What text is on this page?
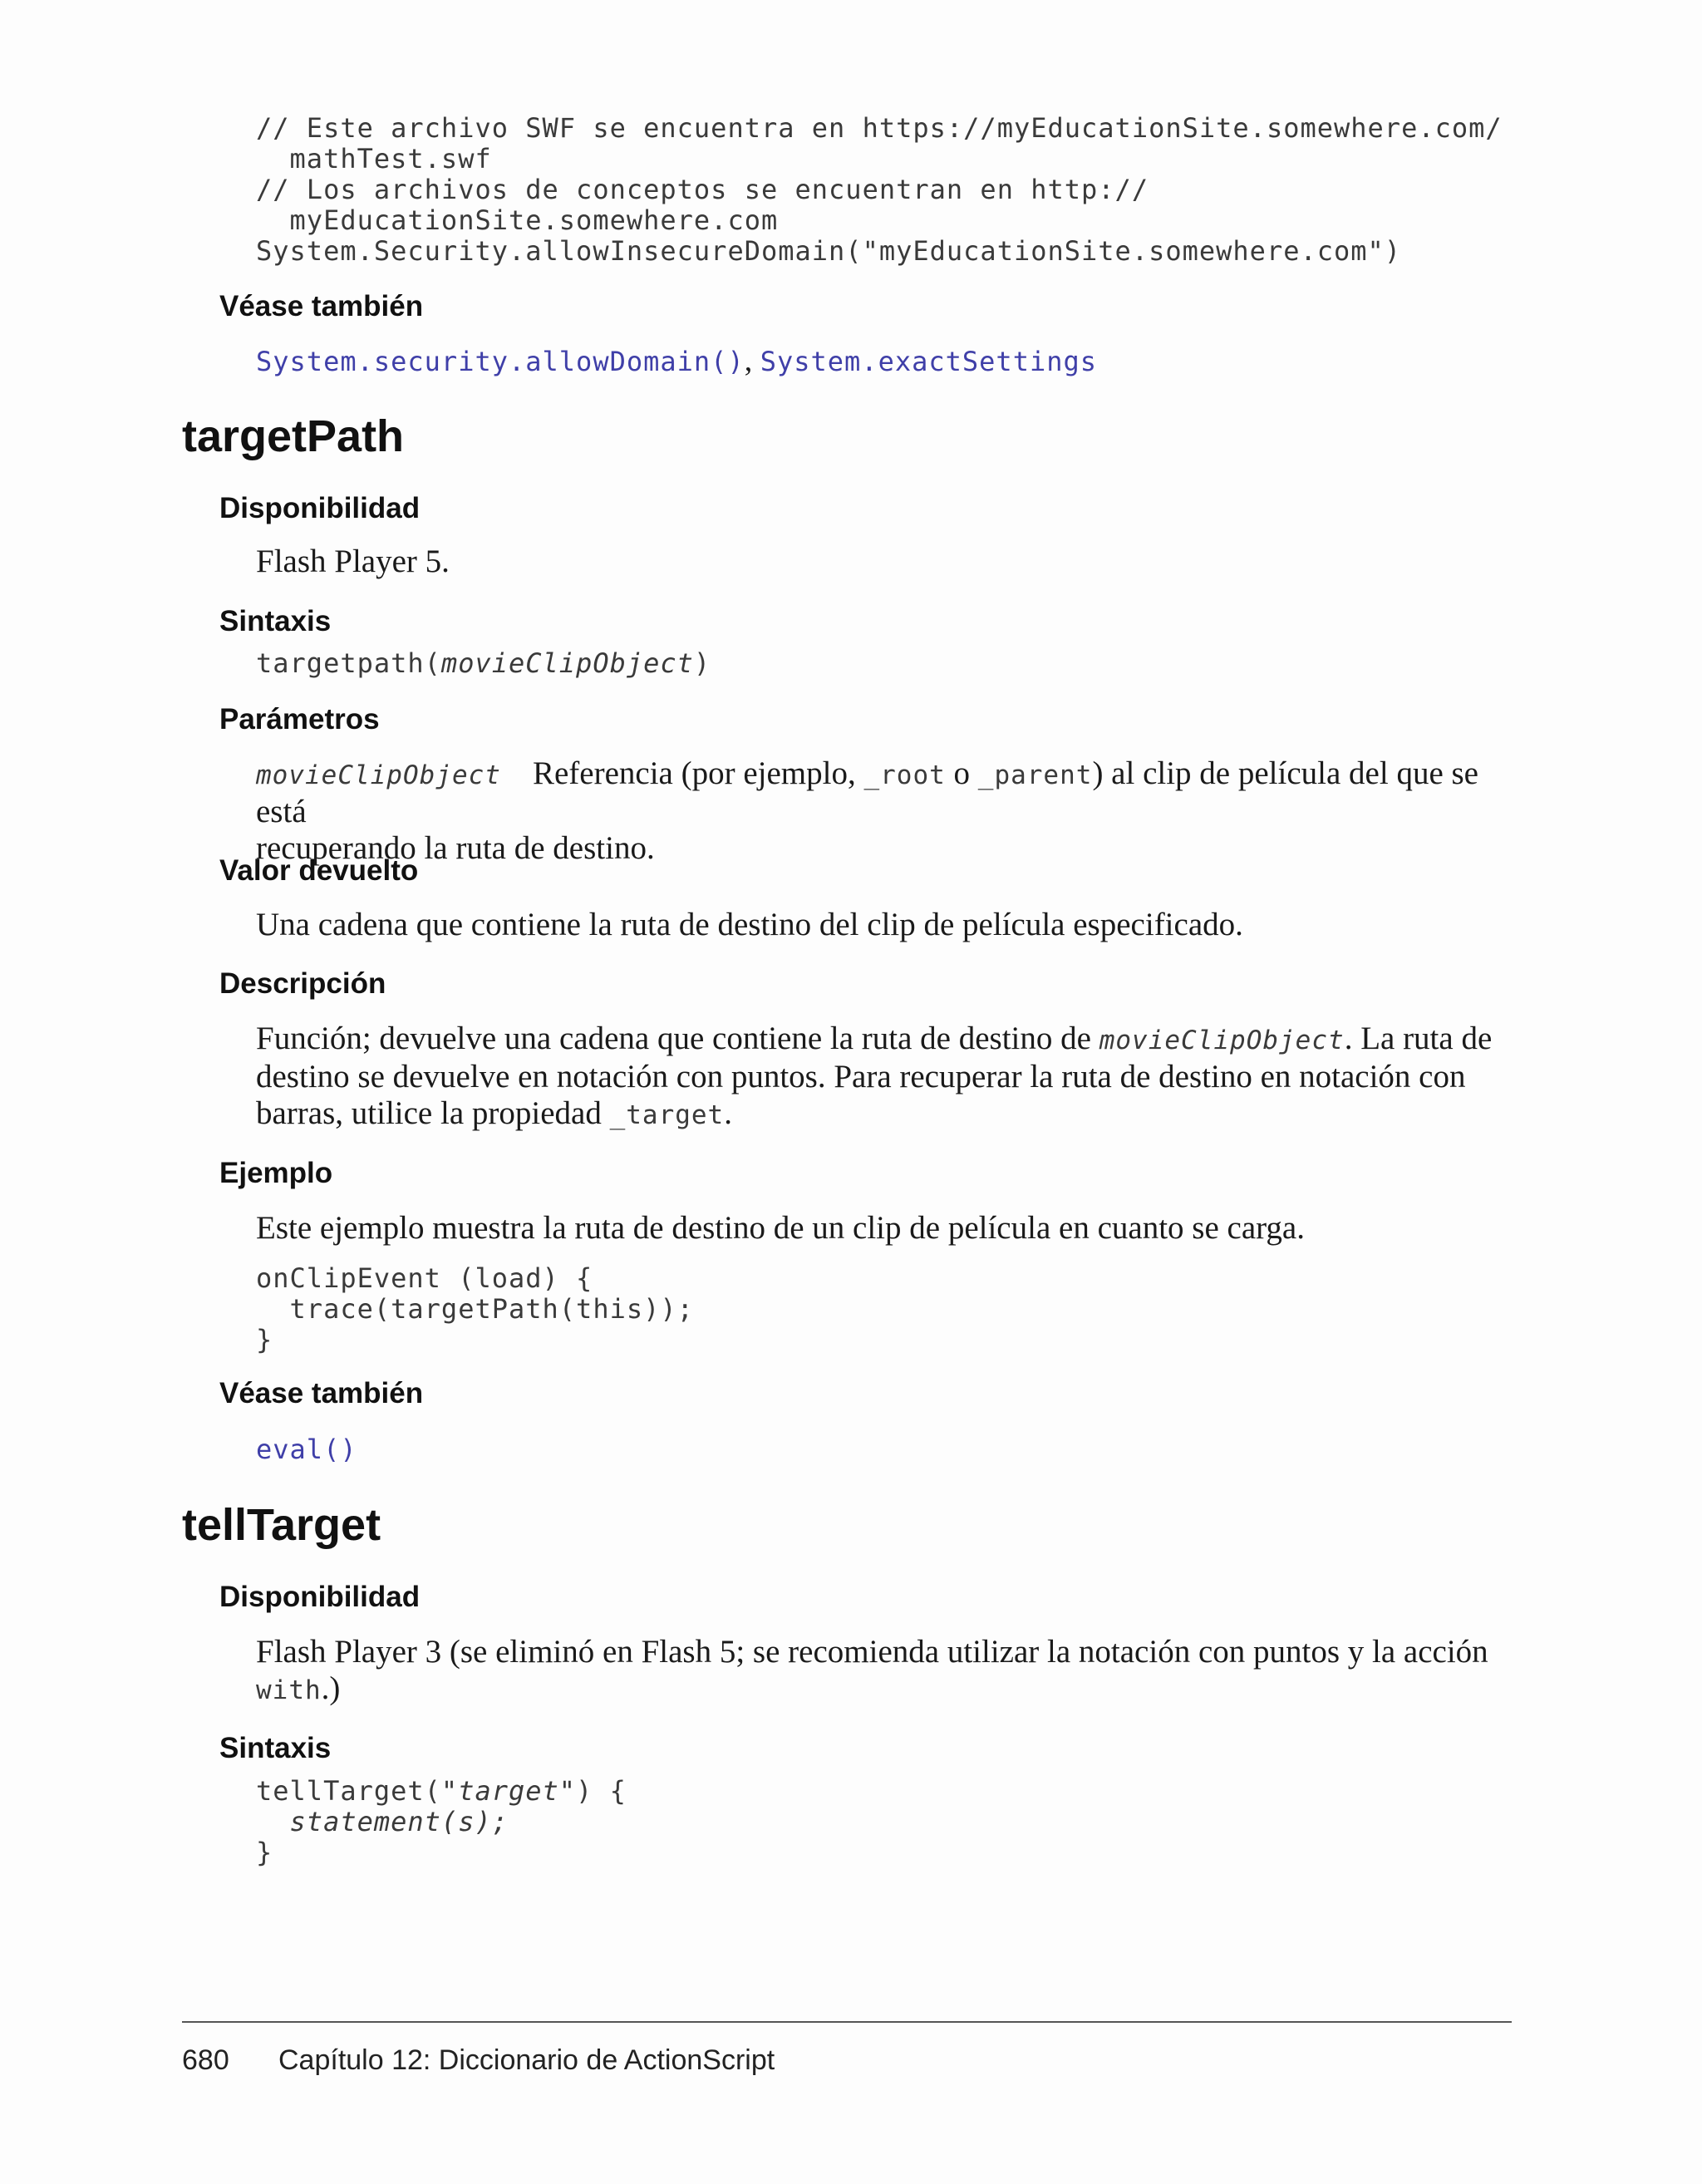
// Este archivo SWF se encuentra en https://myEducationSite.somewhere.com/
mathTest.swf
// Los archivos de conceptos se encuentran en http://
myEducationSite.somewhere.com
System.Security.allowInsecureDomain("myEducationSite.somewhere.com")
Véase también
System.security.allowDomain(), System.exactSettings
targetPath
Disponibilidad
Flash Player 5.
Sintaxis
targetpath(movieClipObject)
Parámetros
movieClipObject Referencia (por ejemplo, _root o _parent) al clip de película del que se está
recuperando la ruta de destino.
Valor devuelto
Una cadena que contiene la ruta de destino del clip de película especificado.
Descripción
Función; devuelve una cadena que contiene la ruta de destino de movieClipObject. La ruta de
destino se devuelve en notación con puntos. Para recuperar la ruta de destino en notación con
barras, utilice la propiedad _target.
Ejemplo
Este ejemplo muestra la ruta de destino de un clip de película en cuanto se carga.
onClipEvent (load) {
trace(targetPath(this));
}
Véase también
eval()
tellTarget
Disponibilidad
Flash Player 3 (se eliminó en Flash 5; se recomienda utilizar la notación con puntos y la acción
with.)
Sintaxis
tellTarget("target") {
statement(s);
}
680 Capítulo 12: Diccionario de ActionScript
